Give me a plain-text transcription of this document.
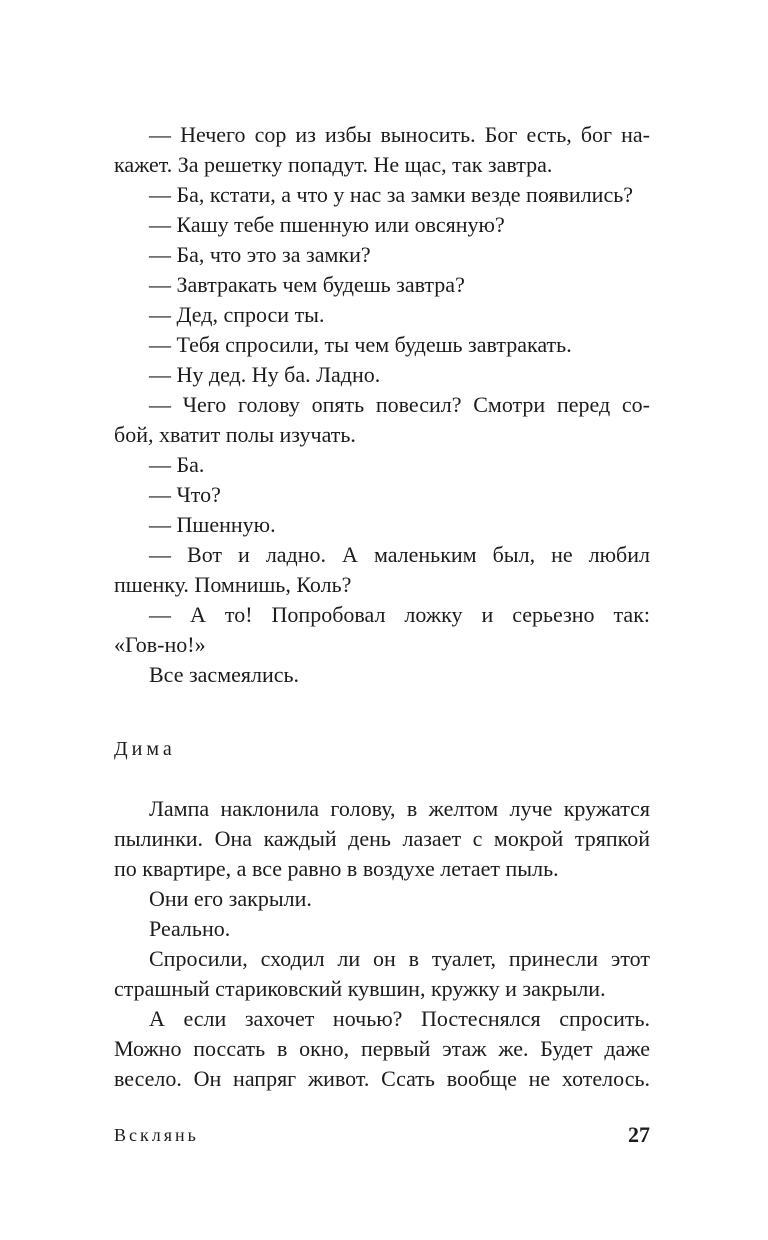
— Нечего сор из избы выносить. Бог есть, бог на-
кажет. За решетку попадут. Не щас, так завтра.
— Ба, кстати, а что у нас за замки везде появились?
— Кашу тебе пшенную или овсяную?
— Ба, что это за замки?
— Завтракать чем будешь завтра?
— Дед, спроси ты.
— Тебя спросили, ты чем будешь завтракать.
— Ну дед. Ну ба. Ладно.
— Чего голову опять повесил? Смотри перед со-
бой, хватит полы изучать.
— Ба.
— Что?
— Пшенную.
— Вот и ладно. А маленьким был, не любил
пшенку. Помнишь, Коль?
— А то! Попробовал ложку и серьезно так:
«Гов-но!»
Все засмеялись.
Дима
Лампа наклонила голову, в желтом луче кружатся
пылинки. Она каждый день лазает с мокрой тряпкой
по квартире, а все равно в воздухе летает пыль.
Они его закрыли.
Реально.
Спросили, сходил ли он в туалет, принесли этот
страшный стариковский кувшин, кружку и закрыли.
А если захочет ночью? Постеснялся спросить.
Можно поссать в окно, первый этаж же. Будет даже
весело. Он напряг живот. Ссать вообще не хотелось.
Всклянь	27
